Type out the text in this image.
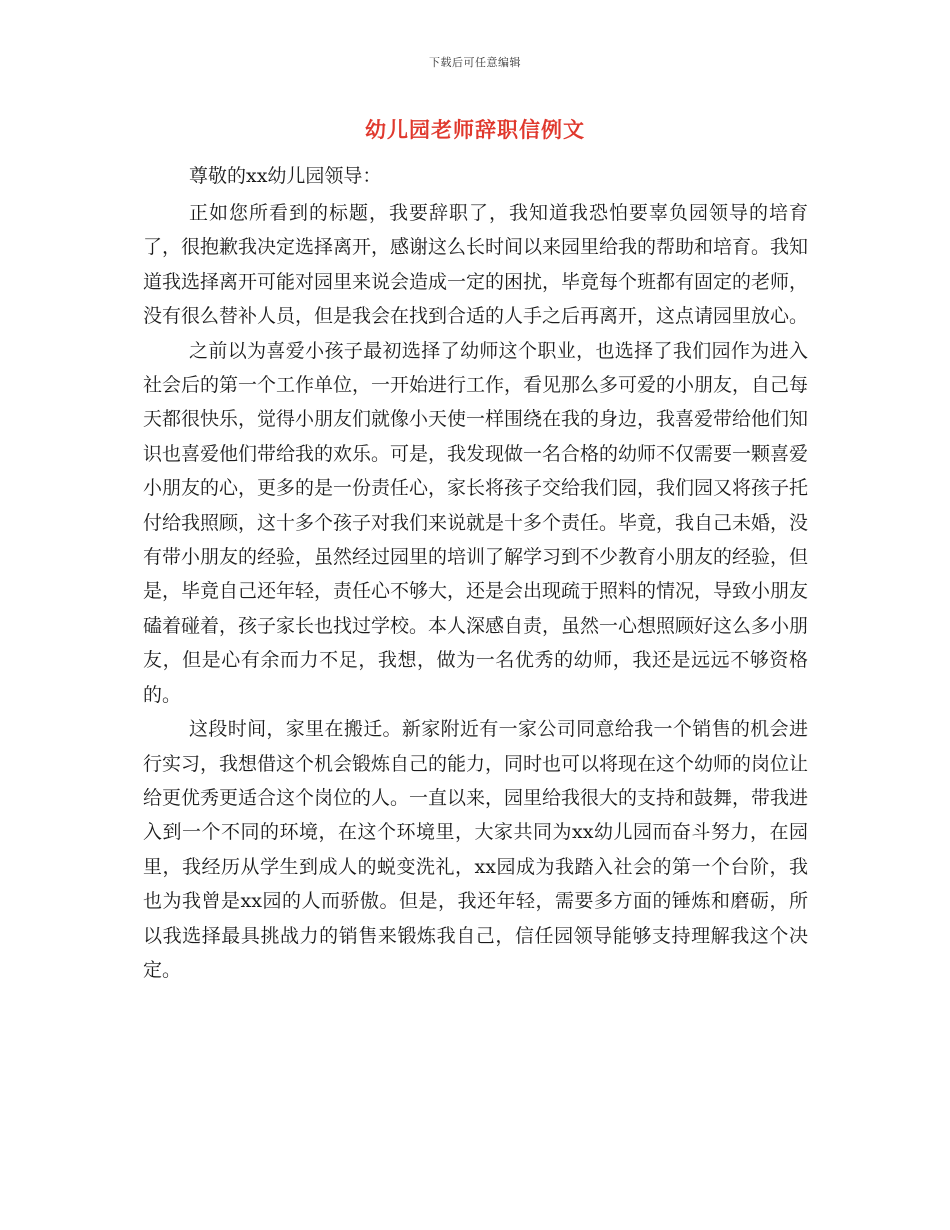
下载后可任意编辑
幼儿园老师辞职信例文
尊敬的xx幼儿园领导：

正如您所看到的标题，我要辞职了，我知道我恐怕要辜负园领导的培育了，很抱歉我决定选择离开，感谢这么长时间以来园里给我的帮助和培育。我知道我选择离开可能对园里来说会造成一定的困扰，毕竟每个班都有固定的老师，没有很么替补人员，但是我会在找到合适的人手之后再离开，这点请园里放心。

之前以为喜爱小孩子最初选择了幼师这个职业，也选择了我们园作为进入社会后的第一个工作单位，一开始进行工作，看见那么多可爱的小朋友，自己每天都很快乐，觉得小朋友们就像小天使一样围绕在我的身边，我喜爱带给他们知识也喜爱他们带给我的欢乐。可是，我发现做一名合格的幼师不仅需要一颗喜爱小朋友的心，更多的是一份责任心，家长将孩子交给我们园，我们园又将孩子托付给我照顾，这十多个孩子对我们来说就是十多个责任。毕竟，我自己未婚，没有带小朋友的经验，虽然经过园里的培训了解学习到不少教育小朋友的经验，但是，毕竟自己还年轻，责任心不够大，还是会出现疏于照料的情况，导致小朋友磕着碰着，孩子家长也找过学校。本人深感自责，虽然一心想照顾好这么多小朋友，但是心有余而力不足，我想，做为一名优秀的幼师，我还是远远不够资格的。

这段时间，家里在搬迁。新家附近有一家公司同意给我一个销售的机会进行实习，我想借这个机会锻炼自己的能力，同时也可以将现在这个幼师的岗位让给更优秀更适合这个岗位的人。一直以来，园里给我很大的支持和鼓舞，带我进入到一个不同的环境，在这个环境里，大家共同为xx幼儿园而奋斗努力，在园里，我经历从学生到成人的蜕变洗礼，xx园成为我踏入社会的第一个台阶，我也为我曾是xx园的人而骄傲。但是，我还年轻，需要多方面的锤炼和磨砺，所以我选择最具挑战力的销售来锻炼我自己，信任园领导能够支持理解我这个决定。
